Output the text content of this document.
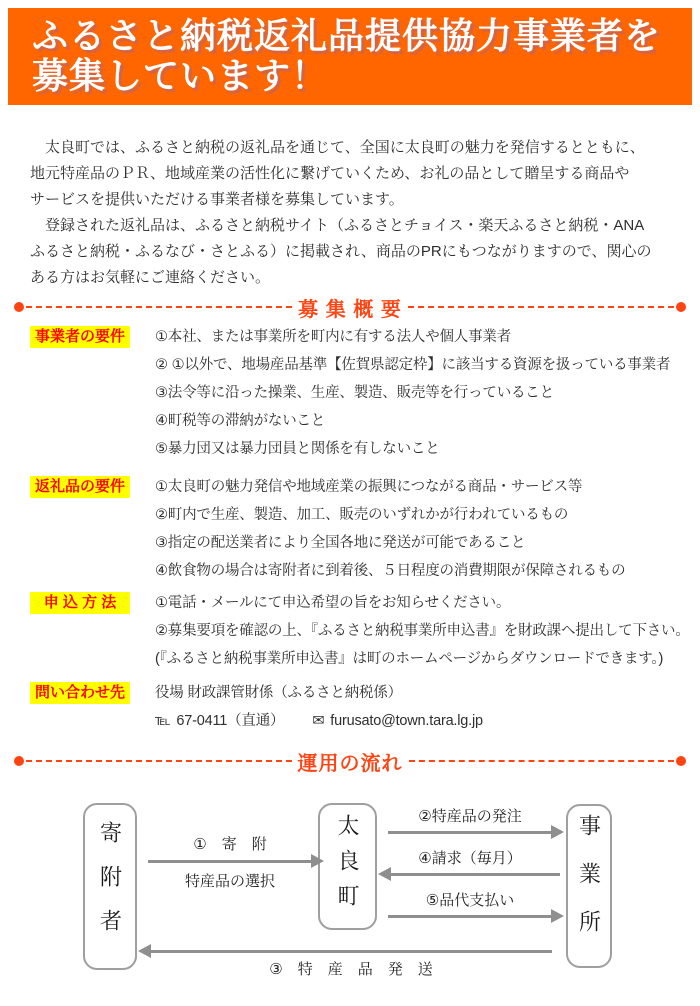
ふるさと納税返礼品提供協力事業者を
募集しています！
　太良町では、ふるさと納税の返礼品を通じて、全国に太良町の魅力を発信するとともに、
地元特産品のＰＲ、地域産業の活性化に繋げていくため、お礼の品として贈呈する商品や
サービスを提供いただける事業者様を募集しています。
　登録された返礼品は、ふるさと納税サイト（ふるさとチョイス・楽天ふるさと納税・ANA
ふるさと納税・ふるなび・さとふる）に掲載され、商品のPRにもつながりますので、関心の
ある方はお気軽にご連絡ください。
募 集 概 要
事業者の要件	①本社、または事業所を町内に有する法人や個人事業者
② ①以外で、地場産品基準【佐賀県認定枠】に該当する資源を扱っている事業者
③法令等に沿った操業、生産、製造、販売等を行っていること
④町税等の滞納がないこと
⑤暴力団又は暴力団員と関係を有しないこと
返礼品の要件	①太良町の魅力発信や地域産業の振興につながる商品・サービス等
②町内で生産、製造、加工、販売のいずれかが行われているもの
③指定の配送業者により全国各地に発送が可能であること
④飲食物の場合は寄附者に到着後、５日程度の消費期限が保障されるもの
申 込 方 法	①電話・メールにて申込希望の旨をお知らせください。
②募集要項を確認の上、『ふるさと納税事業所申込書』を財政課へ提出して下さい。
(『ふるさと納税事業所申込書』は町のホームページからダウンロードできます。)
問い合わせ先	役場 財政課管財係（ふるさと納税係）
℡ 67-0411（直通） ✉ furusato@town.tara.lg.jp
運用の流れ
寄附者	太良町	事業所
①　寄　附
特産品の選択
②特産品の発注
④請求（毎月）
⑤品代支払い
③　特　産　品　発　送
